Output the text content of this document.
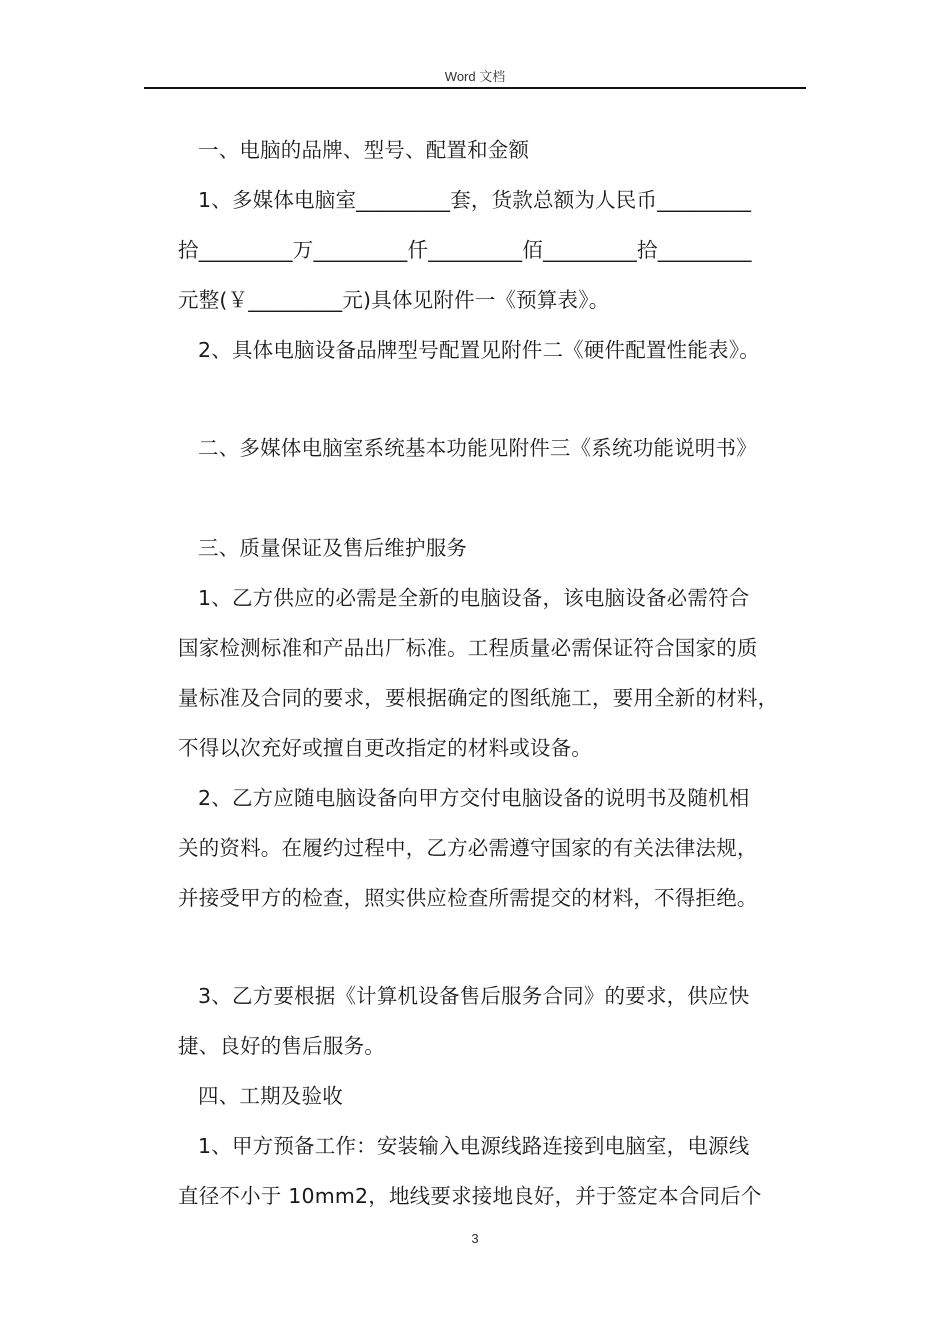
Word 文档
一、电脑的品牌、型号、配置和金额
1、多媒体电脑室_________套，货款总额为人民币_________
拾_________万_________仟_________佰_________拾_________
元整(￥_________元)具体见附件一《预算表》。
2、具体电脑设备品牌型号配置见附件二《硬件配置性能表》。
二、多媒体电脑室系统基本功能见附件三《系统功能说明书》
三、质量保证及售后维护服务
1、乙方供应的必需是全新的电脑设备，该电脑设备必需符合
国家检测标准和产品出厂标准。工程质量必需保证符合国家的质
量标准及合同的要求，要根据确定的图纸施工，要用全新的材料，
不得以次充好或擅自更改指定的材料或设备。
2、乙方应随电脑设备向甲方交付电脑设备的说明书及随机相
关的资料。在履约过程中，乙方必需遵守国家的有关法律法规，
并接受甲方的检查，照实供应检查所需提交的材料，不得拒绝。
3、乙方要根据《计算机设备售后服务合同》的要求，供应快
捷、良好的售后服务。
四、工期及验收
1、甲方预备工作：安装输入电源线路连接到电脑室，电源线
直径不小于 10mm2，地线要求接地良好，并于签定本合同后个
3
